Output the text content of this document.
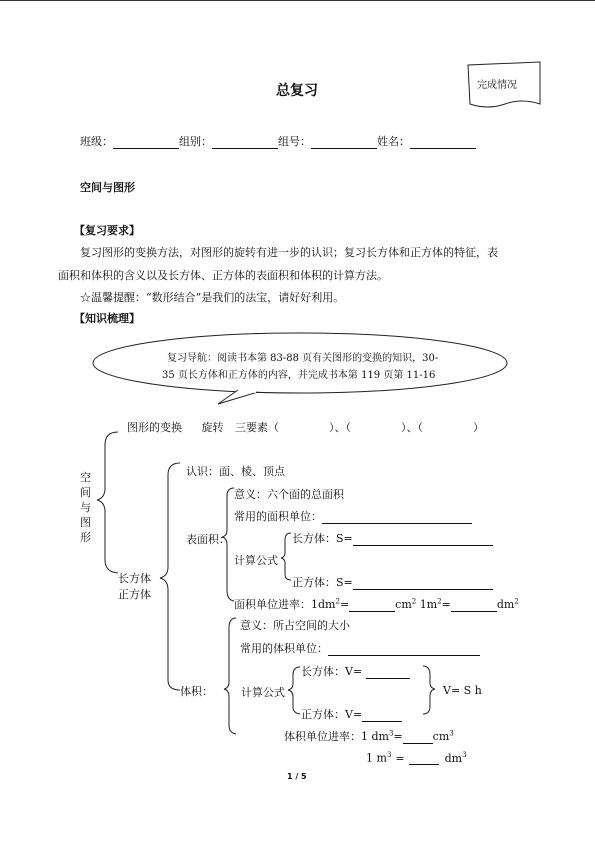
完成情况
总复习
班级：	组别：	组号：	姓名：
空间与图形
【复习要求】
复习图形的变换方法，对图形的旋转有进一步的认识；复习长方体和正方体的特征，表
面积和体积的含义以及长方体、正方体的表面积和体积的计算方法。
☆温馨提醒：“数形结合”是我们的法宝，请好好利用。
【知识梳理】
复习导航：阅读书本第 83-88 页有关图形的变换的知识，30-
35 页长方体和正方体的内容，并完成书本第 119 页第 11-16
空
间
与
图
形
图形的变换 旋转 三要素（	）、（	）、（	）
长方体
正方体
认识：面、棱、顶点
表面积：
意义：六个面的总面积
常用的面积单位：
计算公式
长方体：S=
正方体：S=
面积单位进率：$1dm^2=$	$cm^2$ $1m^2=$	$dm^2$
体积：
意义：所占空间的大小
常用的体积单位：
计算公式
长方体：V=
正方体：V=
V= S h
体积单位进率：1 $dm^3=$	$cm^3$
1 $m^3$ =	$dm^3$
1 / 5
